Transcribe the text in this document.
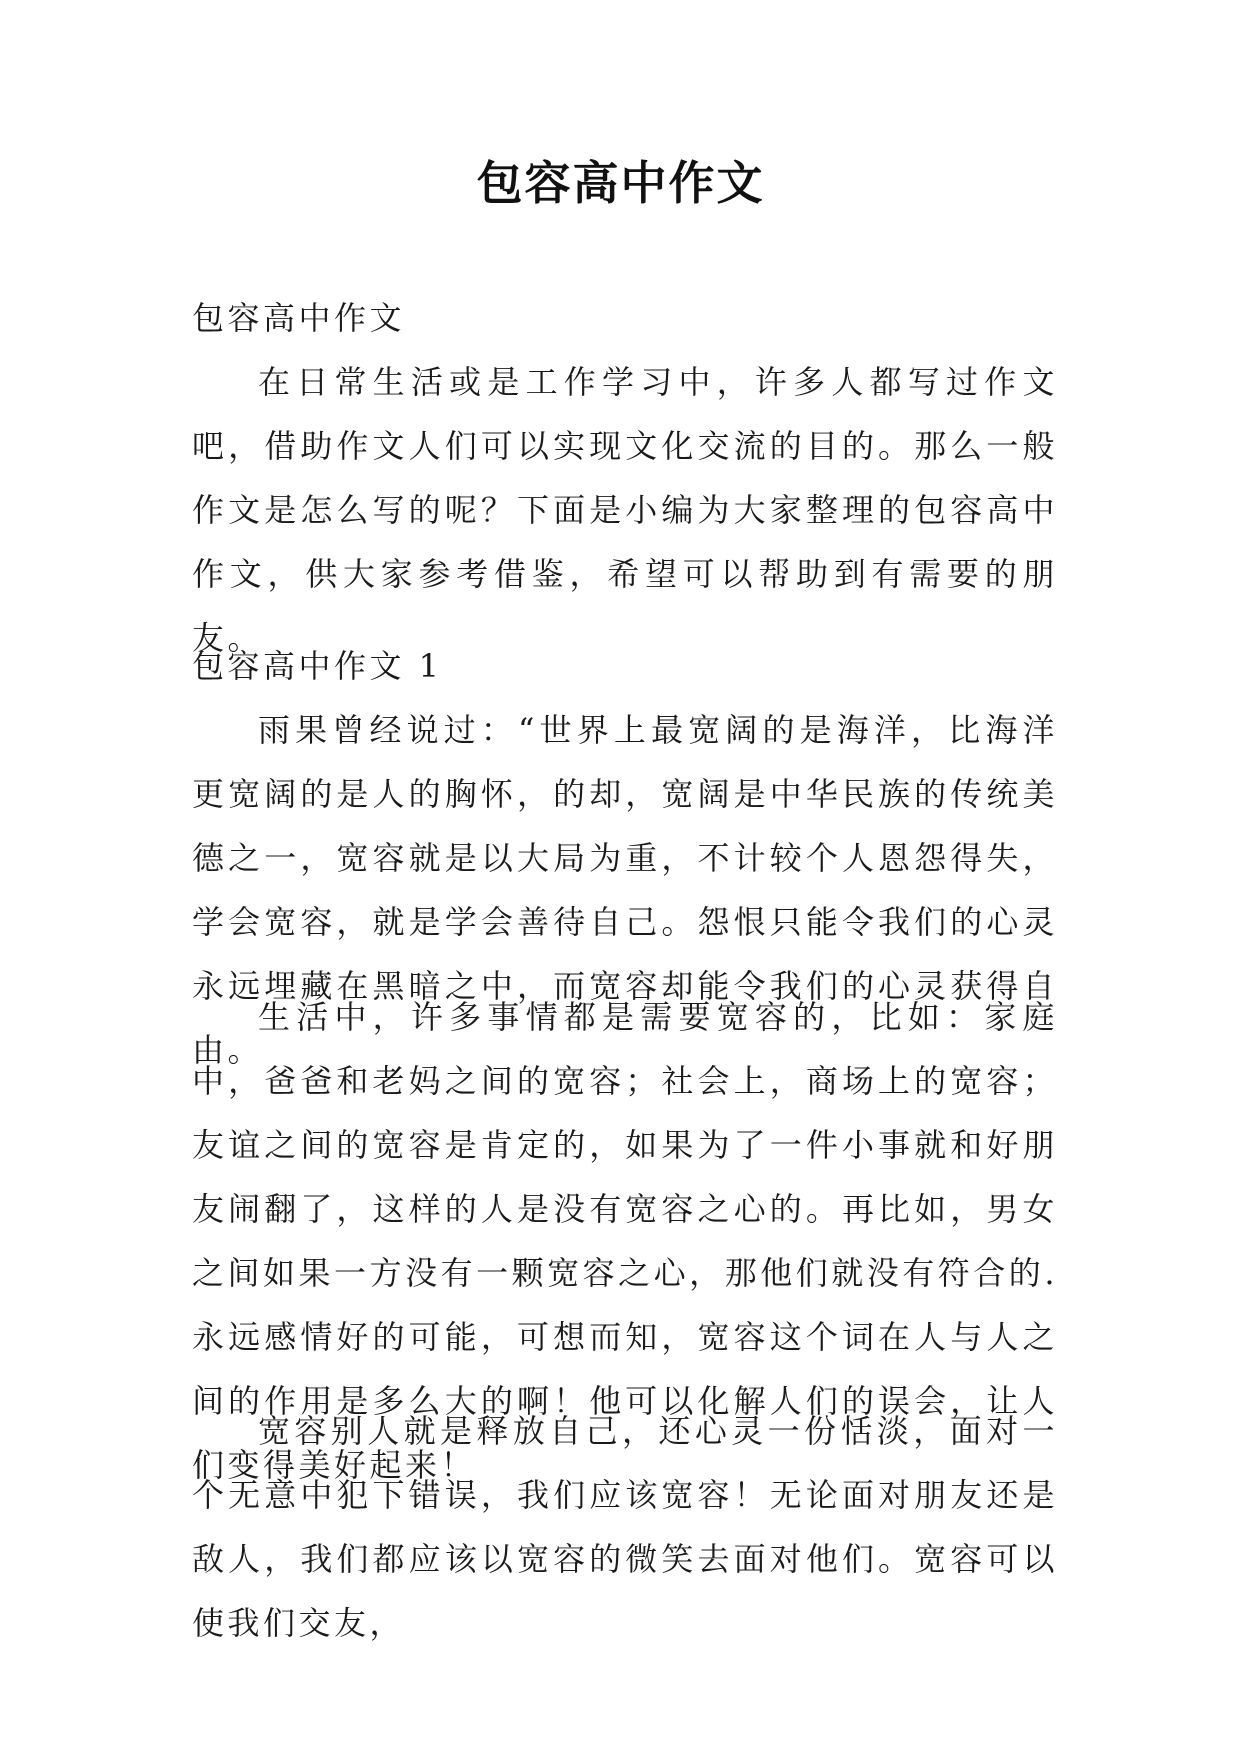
包容高中作文

包容高中作文

在日常生活或是工作学习中，许多人都写过作文吧，借助作文人们可以实现文化交流的目的。那么一般作文是怎么写的呢？下面是小编为大家整理的包容高中作文，供大家参考借鉴，希望可以帮助到有需要的朋友。

包容高中作文 1

雨果曾经说过：“世界上最宽阔的是海洋，比海洋更宽阔的是人的胸怀，的却，宽阔是中华民族的传统美德之一，宽容就是以大局为重，不计较个人恩怨得失，学会宽容，就是学会善待自己。怨恨只能令我们的心灵永远埋藏在黑暗之中，而宽容却能令我们的心灵获得自由。

生活中，许多事情都是需要宽容的，比如：家庭中，爸爸和老妈之间的宽容；社会上，商场上的宽容；友谊之间的宽容是肯定的，如果为了一件小事就和好朋友闹翻了，这样的人是没有宽容之心的。再比如，男女之间如果一方没有一颗宽容之心，那他们就没有符合的.永远感情好的可能，可想而知，宽容这个词在人与人之间的作用是多么大的啊！他可以化解人们的误会，让人们变得美好起来！

宽容别人就是释放自己，还心灵一份恬淡，面对一个无意中犯下错误，我们应该宽容！无论面对朋友还是敌人，我们都应该以宽容的微笑去面对他们。宽容可以使我们交友，
